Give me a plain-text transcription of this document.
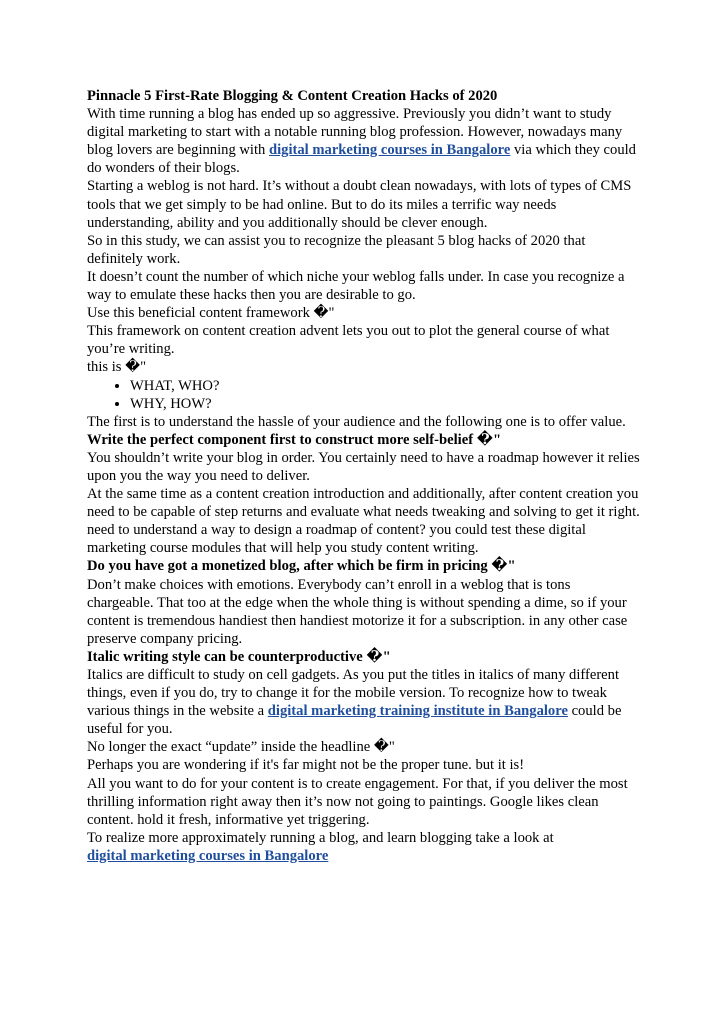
Pinnacle 5 First-Rate Blogging & Content Creation Hacks of 2020

With time running a blog has ended up so aggressive. Previously you didn’t want to study digital marketing to start with a notable running blog profession. However, nowadays many blog lovers are beginning with digital marketing courses in Bangalore via which they could do wonders of their blogs.

Starting a weblog is not hard. It’s without a doubt clean nowadays, with lots of types of CMS tools that we get simply to be had online. But to do its miles a terrific way needs understanding, ability and you additionally should be clever enough.

So in this study, we can assist you to recognize the pleasant 5 blog hacks of 2020 that definitely work.

It doesn’t count the number of which niche your weblog falls under. In case you recognize a way to emulate these hacks then you are desirable to go.

Use this beneficial content framework �"

This framework on content creation advent lets you out to plot the general course of what you’re writing.

this is �"

• WHAT, WHO?
• WHY, HOW?

The first is to understand the hassle of your audience and the following one is to offer value.

Write the perfect component first to construct more self-belief �"

You shouldn’t write your blog in order. You certainly need to have a roadmap however it relies upon you the way you need to deliver.

At the same time as a content creation introduction and additionally, after content creation you need to be capable of step returns and evaluate what needs tweaking and solving to get it right. need to understand a way to design a roadmap of content? you could test these digital marketing course modules that will help you study content writing.

Do you have got a monetized blog, after which be firm in pricing �"

Don’t make choices with emotions. Everybody can’t enroll in a weblog that is tons chargeable. That too at the edge when the whole thing is without spending a dime, so if your content is tremendous handiest then handiest motorize it for a subscription. in any other case preserve company pricing.

Italic writing style can be counterproductive �"

Italics are difficult to study on cell gadgets. As you put the titles in italics of many different things, even if you do, try to change it for the mobile version. To recognize how to tweak various things in the website a digital marketing training institute in Bangalore could be useful for you.

No longer the exact “update” inside the headline �"

Perhaps you are wondering if it's far might not be the proper tune. but it is!

All you want to do for your content is to create engagement. For that, if you deliver the most thrilling information right away then it’s now not going to paintings. Google likes clean content. hold it fresh, informative yet triggering.

To realize more approximately running a blog, and learn blogging take a look at

digital marketing courses in Bangalore
